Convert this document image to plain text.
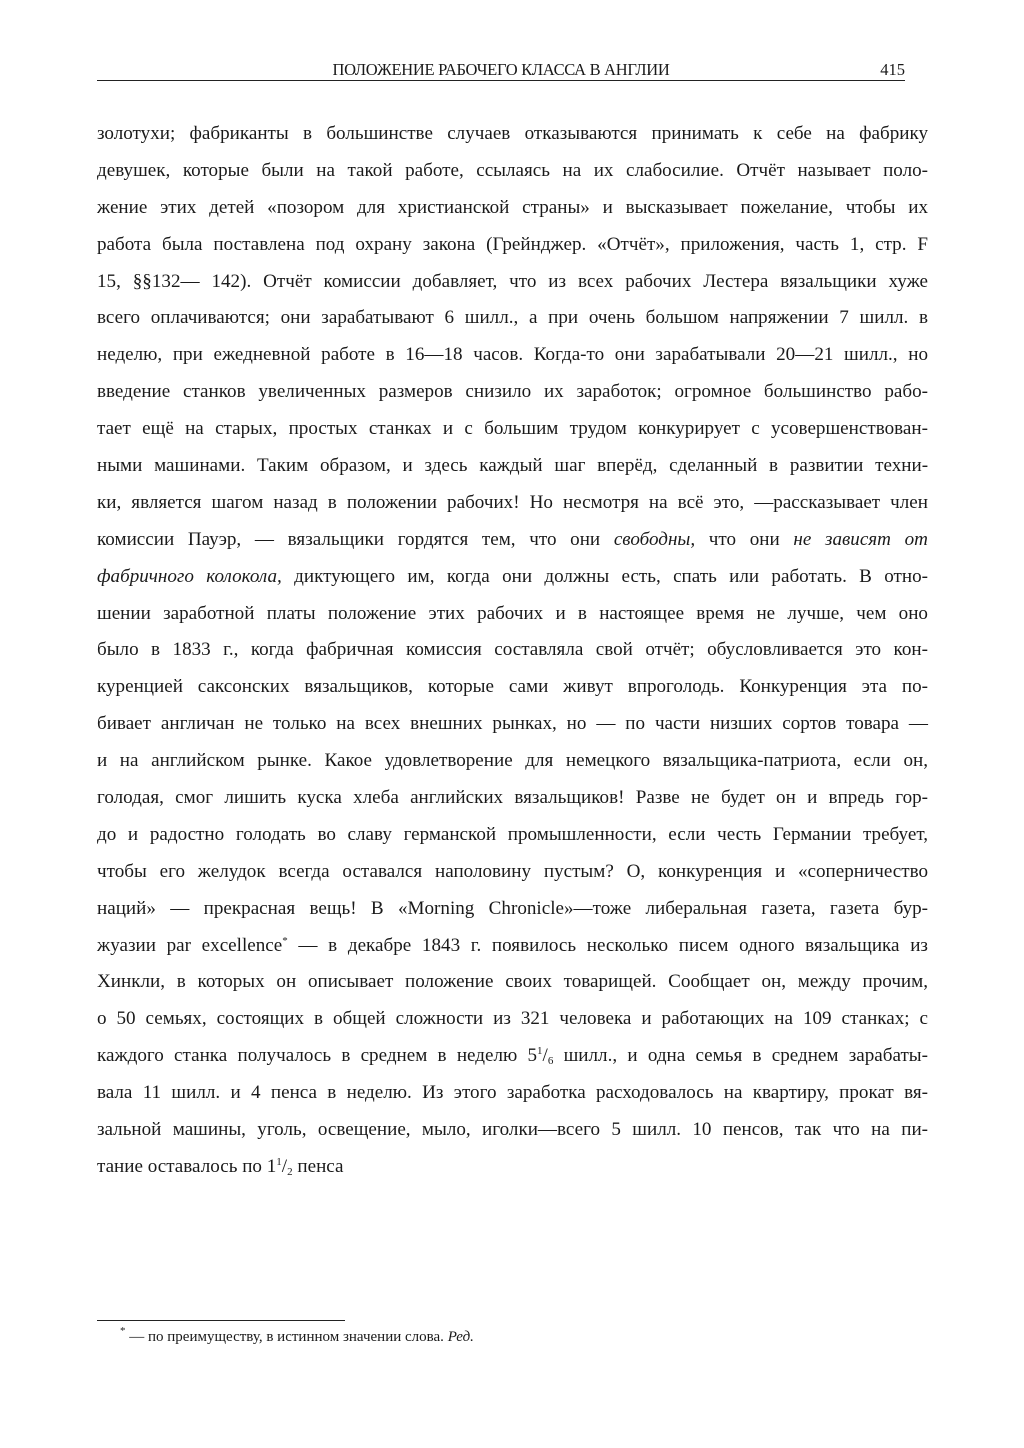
ПОЛОЖЕНИЕ РАБОЧЕГО КЛАССА В АНГЛИИ	415
золотухи; фабриканты в большинстве случаев отказываются принимать к себе на фабрику
девушек, которые были на такой работе, ссылаясь на их слабосилие. Отчёт называет поло-
жение этих детей «позором для христианской страны» и высказывает пожелание, чтобы их
работа была поставлена под охрану закона (Грейнджер. «Отчёт», приложения, часть 1, стр. F
15, §§132— 142). Отчёт комиссии добавляет, что из всех рабочих Лестера вязальщики хуже
всего оплачиваются; они зарабатывают 6 шилл., а при очень большом напряжении 7 шилл. в
неделю, при ежедневной работе в 16—18 часов. Когда-то они зарабатывали 20—21 шилл., но
введение станков увеличенных размеров снизило их заработок; огромное большинство рабо-
тает ещё на старых, простых станках и с большим трудом конкурирует с усовершенствован-
ными машинами. Таким образом, и здесь каждый шаг вперёд, сделанный в развитии техни-
ки, является шагом назад в положении рабочих! Но несмотря на всё это, —рассказывает член
комиссии Пауэр, — вязальщики гордятся тем, что они свободны, что они не зависят от
фабричного колокола, диктующего им, когда они должны есть, спать или работать. В отно-
шении заработной платы положение этих рабочих и в настоящее время не лучше, чем оно
было в 1833 г., когда фабричная комиссия составляла свой отчёт; обусловливается это кон-
куренцией саксонских вязальщиков, которые сами живут впроголодь. Конкуренция эта по-
бивает англичан не только на всех внешних рынках, но — по части низших сортов товара —
и на английском рынке. Какое удовлетворение для немецкого вязальщика-патриота, если он,
голодая, смог лишить куска хлеба английских вязальщиков! Разве не будет он и впредь гор-
до и радостно голодать во славу германской промышленности, если честь Германии требует,
чтобы его желудок всегда оставался наполовину пустым? О, конкуренция и «соперничество
наций» — прекрасная вещь! В «Morning Chronicle»—тоже либеральная газета, газета бур-
жуазии par excellence* — в декабре 1843 г. появилось несколько писем одного вязальщика из
Хинкли, в которых он описывает положение своих товарищей. Сообщает он, между прочим,
о 50 семьях, состоящих в общей сложности из 321 человека и работающих на 109 станках; с
каждого станка получалось в среднем в неделю $5^1/_6$ шилл., и одна семья в среднем зарабаты-
вала 11 шилл. и 4 пенса в неделю. Из этого заработка расходовалось на квартиру, прокат вя-
зальной машины, уголь, освещение, мыло, иголки—всего 5 шилл. 10 пенсов, так что на пи-
тание оставалось по $1^1/_2$ пенса
* — по преимуществу, в истинном значении слова. Ред.
